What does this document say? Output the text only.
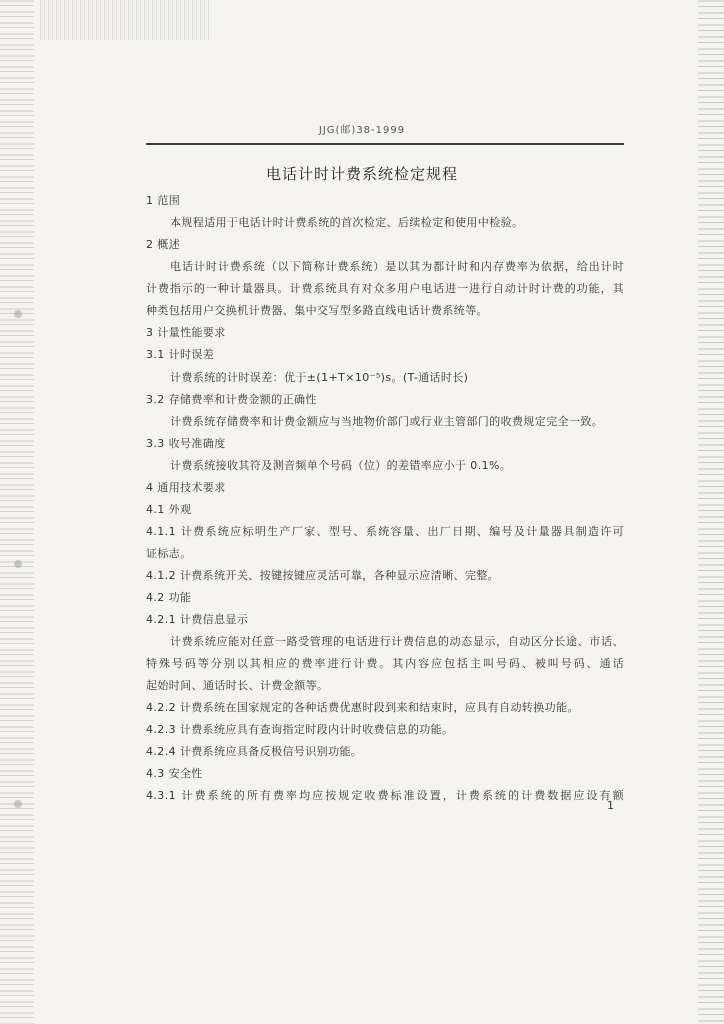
JJG(邮)38-1999
电话计时计费系统检定规程
1 范围
本规程适用于电话计时计费系统的首次检定、后续检定和使用中检验。
2 概述
电话计时计费系统（以下简称计费系统）是以其为都计时和内存费率为依据，给出计时
计费指示的一种计量器具。计费系统具有对众多用户电话进一进行自动计时计费的功能，其
种类包括用户交换机计费器、集中交写型多路直线电话计费系统等。
3 计量性能要求
3.1 计时误差
计费系统的计时误差：优于±(1+T×10⁻⁵)s。(T-通话时长)
3.2 存储费率和计费金额的正确性
计费系统存储费率和计费金额应与当地物价部门或行业主管部门的收费规定完全一致。
3.3 收号准确度
计费系统接收其符及测音频单个号码（位）的差错率应小于 0.1%。
4 通用技术要求
4.1 外观
4.1.1 计费系统应标明生产厂家、型号、系统容量、出厂日期、编号及计量器具制造许可
证标志。
4.1.2 计费系统开关、按键按键应灵活可靠，各种显示应清晰、完整。
4.2 功能
4.2.1 计费信息显示
计费系统应能对任意一路受管理的电话进行计费信息的动态显示，自动区分长途、市话、
特殊号码等分别以其相应的费率进行计费。其内容应包括主叫号码、被叫号码、通话
起始时间、通话时长、计费金额等。
4.2.2 计费系统在国家规定的各种话费优惠时段到来和结束时，应具有自动转换功能。
4.2.3 计费系统应具有查询指定时段内计时收费信息的功能。
4.2.4 计费系统应具备反极信号识别功能。
4.3 安全性
4.3.1 计费系统的所有费率均应按规定收费标准设置，计费系统的计费数据应设有额
1
